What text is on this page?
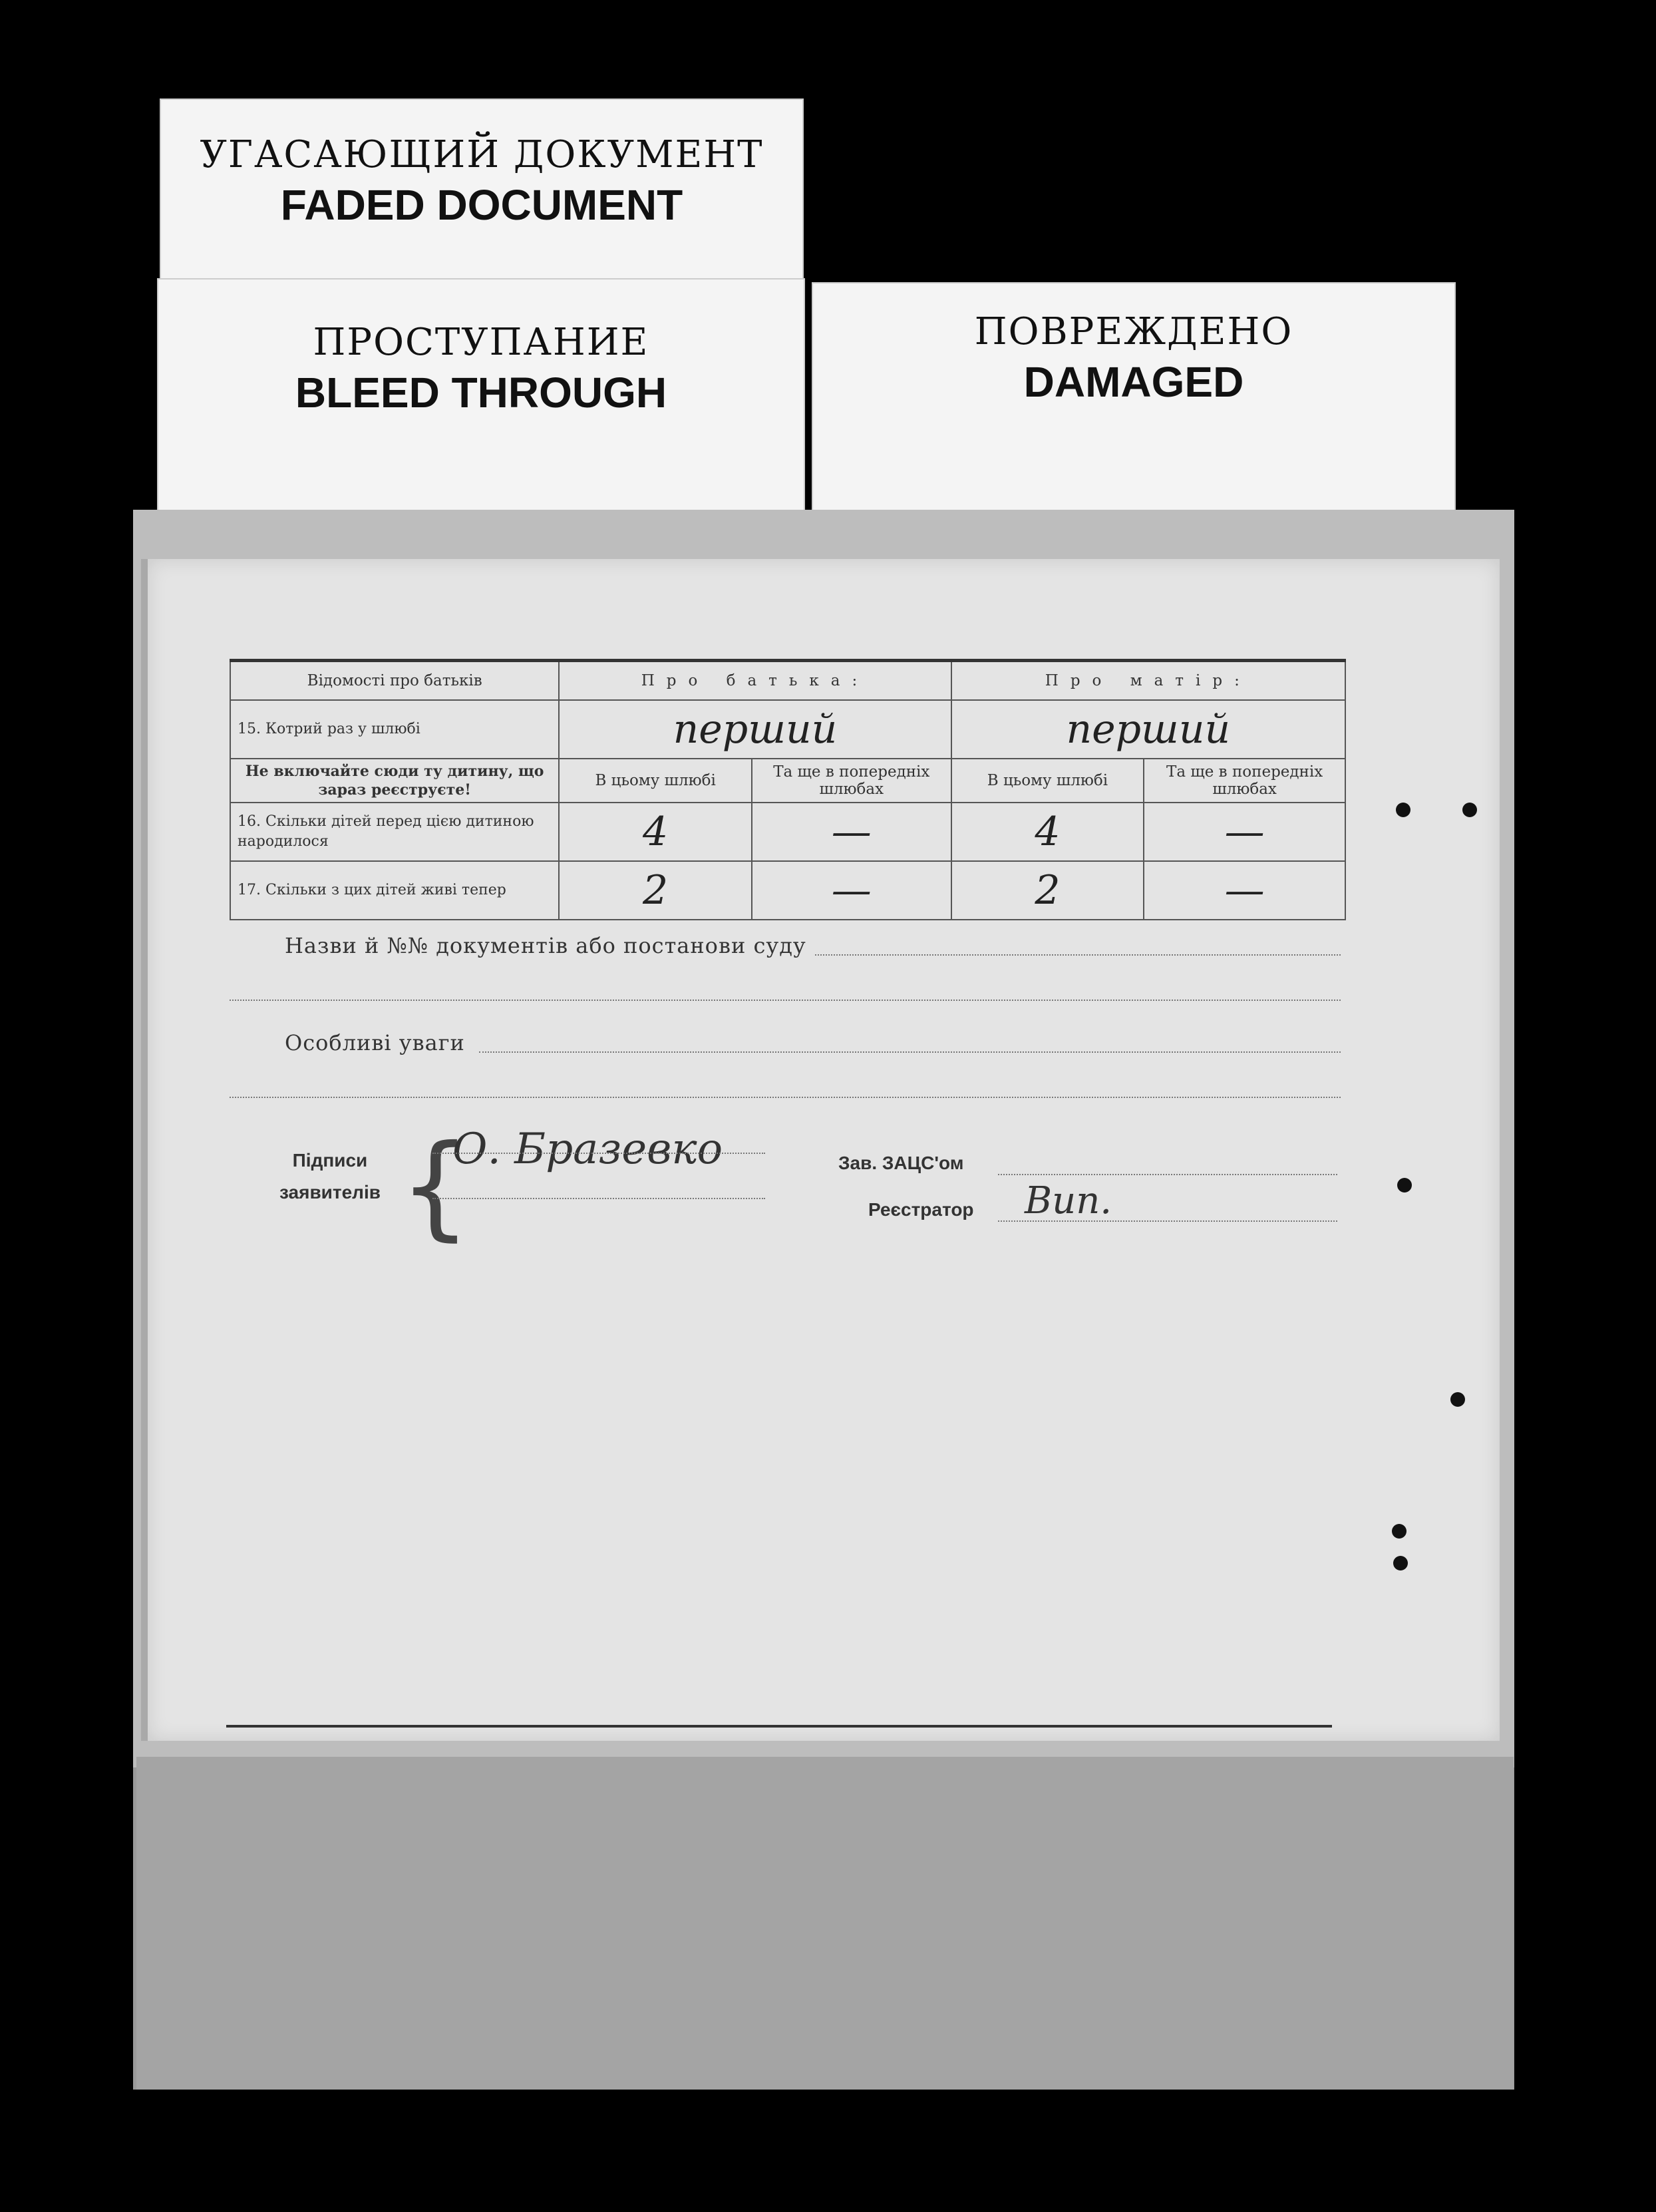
УГАСАЮЩИЙ ДОКУМЕНТ
FADED DOCUMENT
ПРОСТУПАНИЕ
BLEED THROUGH
ПОВРЕЖДЕНО
DAMAGED
Відомості про батьків	Про батька:		Про матір:	
15. Котрий раз у шлюбі	перший		перший	
Не включайте сюди ту дитину, що зараз реєструєте!	В цьому шлюбі	Та ще в попередніх шлюбах	В цьому шлюбі	Та ще в попередніх шлюбах
16. Скільки дітей перед цією дитиною народилося	4	—	4	—
17. Скільки з цих дітей живі тепер	2	—	2	—
Назви й №№ документів або постанови суду
Особливі уваги
Підписи
заявителів {
О. Бразевко	Зав. ЗАЦС'ом
Реєстратор Вип.
